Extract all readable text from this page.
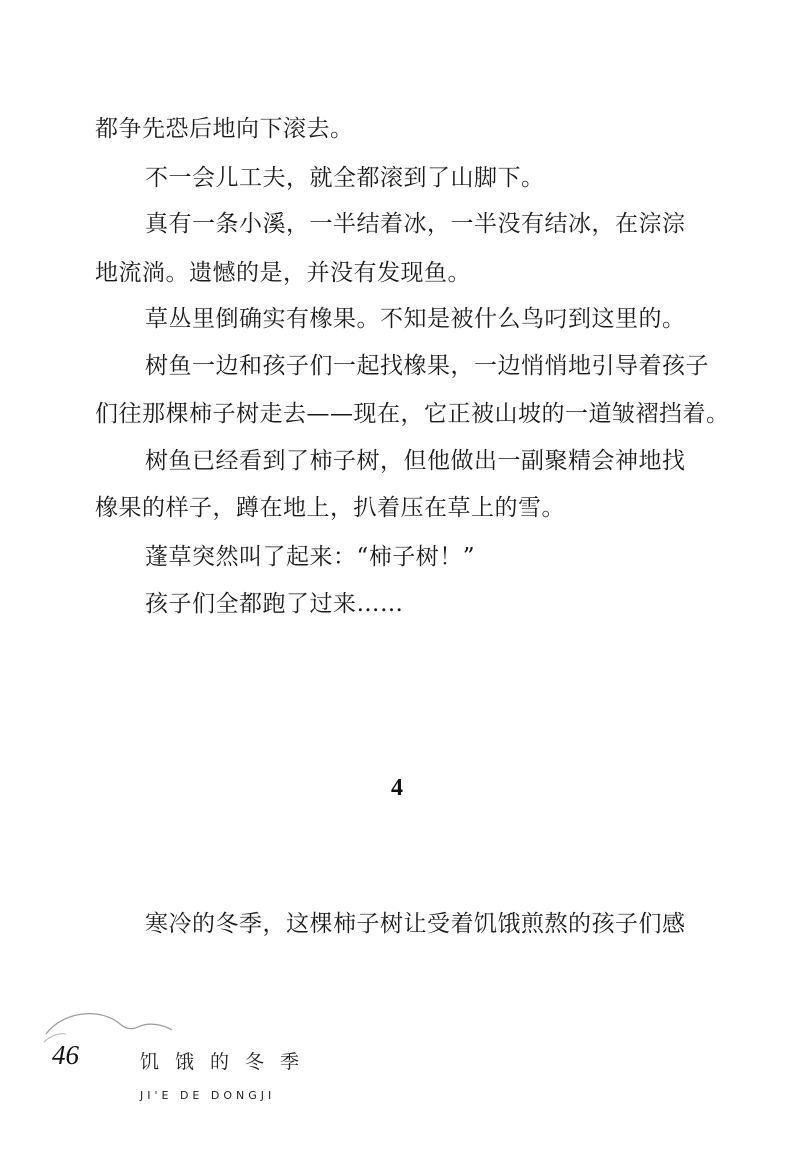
都争先恐后地向下滚去。
不一会儿工夫，就全都滚到了山脚下。
真有一条小溪，一半结着冰，一半没有结冰，在淙淙
地流淌。遗憾的是，并没有发现鱼。
草丛里倒确实有橡果。不知是被什么鸟叼到这里的。
树鱼一边和孩子们一起找橡果，一边悄悄地引导着孩子
们往那棵柿子树走去——现在，它正被山坡的一道皱褶挡着。
树鱼已经看到了柿子树，但他做出一副聚精会神地找
橡果的样子，蹲在地上，扒着压在草上的雪。
蓬草突然叫了起来：“柿子树！”
孩子们全都跑了过来……
4
寒冷的冬季，这棵柿子树让受着饥饿煎熬的孩子们感
46	饥饿的冬季
JI'E DE DONGJI
